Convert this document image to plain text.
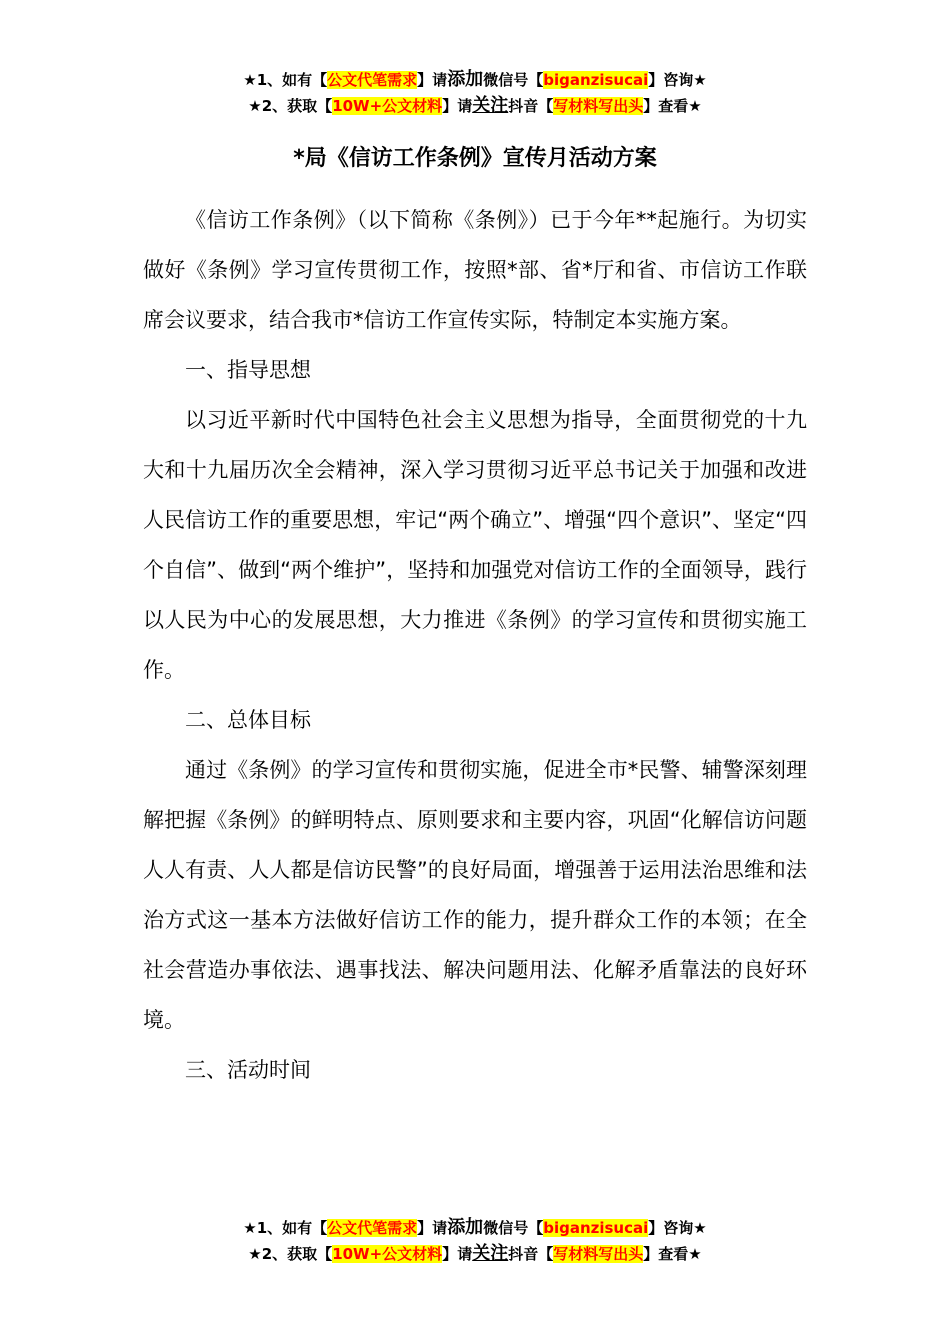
★1、如有【公文代笔需求】请添加微信号【biganzisucai】咨询★
★2、获取【10W+公文材料】请关注抖音【写材料写出头】查看★
*局《信访工作条例》宣传月活动方案

《信访工作条例》（以下简称《条例》）已于今年**起施行。为切实做好《条例》学习宣传贯彻工作，按照*部、省*厅和省、市信访工作联席会议要求，结合我市*信访工作宣传实际，特制定本实施方案。

一、指导思想

以习近平新时代中国特色社会主义思想为指导，全面贯彻党的十九大和十九届历次全会精神，深入学习贯彻习近平总书记关于加强和改进人民信访工作的重要思想，牢记“两个确立”、增强“四个意识”、坚定“四个自信”、做到“两个维护”，坚持和加强党对信访工作的全面领导，践行以人民为中心的发展思想，大力推进《条例》的学习宣传和贯彻实施工作。

二、总体目标

通过《条例》的学习宣传和贯彻实施，促进全市*民警、辅警深刻理解把握《条例》的鲜明特点、原则要求和主要内容，巩固“化解信访问题人人有责、人人都是信访民警”的良好局面，增强善于运用法治思维和法治方式这一基本方法做好信访工作的能力，提升群众工作的本领；在全社会营造办事依法、遇事找法、解决问题用法、化解矛盾靠法的良好环境。

三、活动时间

★1、如有【公文代笔需求】请添加微信号【biganzisucai】咨询★
★2、获取【10W+公文材料】请关注抖音【写材料写出头】查看★
